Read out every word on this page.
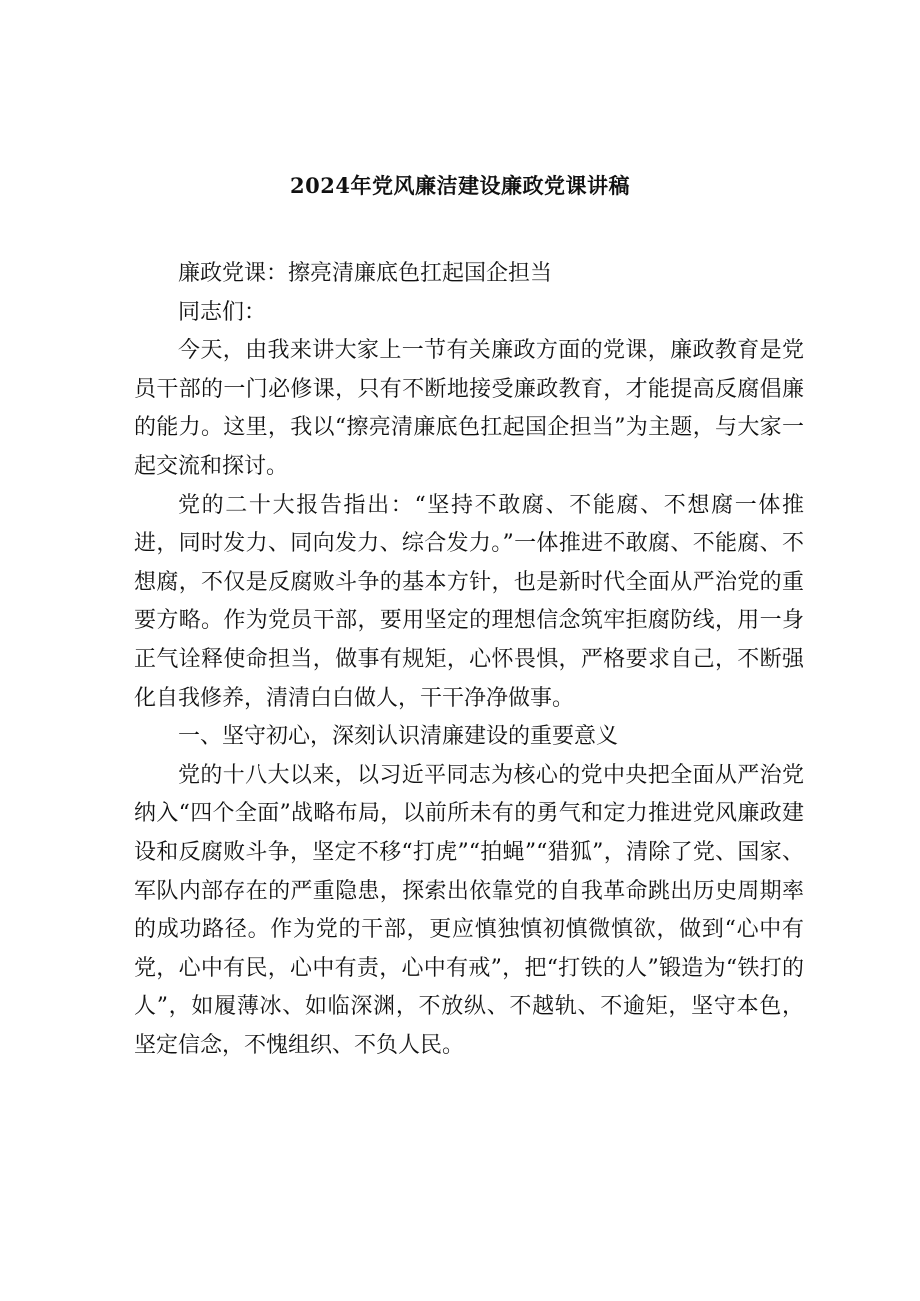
2024年党风廉洁建设廉政党课讲稿

廉政党课：擦亮清廉底色扛起国企担当

同志们：

今天，由我来讲大家上一节有关廉政方面的党课，廉政教育是党员干部的一门必修课，只有不断地接受廉政教育，才能提高反腐倡廉的能力。这里，我以“擦亮清廉底色扛起国企担当”为主题，与大家一起交流和探讨。

党的二十大报告指出：“坚持不敢腐、不能腐、不想腐一体推进，同时发力、同向发力、综合发力。”一体推进不敢腐、不能腐、不想腐，不仅是反腐败斗争的基本方针，也是新时代全面从严治党的重要方略。作为党员干部，要用坚定的理想信念筑牢拒腐防线，用一身正气诠释使命担当，做事有规矩，心怀畏惧，严格要求自己，不断强化自我修养，清清白白做人，干干净净做事。

一、坚守初心，深刻认识清廉建设的重要意义

党的十八大以来，以习近平同志为核心的党中央把全面从严治党纳入“四个全面”战略布局，以前所未有的勇气和定力推进党风廉政建设和反腐败斗争，坚定不移“打虎”“拍蝇”“猎狐”，清除了党、国家、军队内部存在的严重隐患，探索出依靠党的自我革命跳出历史周期率的成功路径。作为党的干部，更应慎独慎初慎微慎欲，做到“心中有党，心中有民，心中有责，心中有戒”，把“打铁的人”锻造为“铁打的人”，如履薄冰、如临深渊，不放纵、不越轨、不逾矩，坚守本色，坚定信念，不愧组织、不负人民。
